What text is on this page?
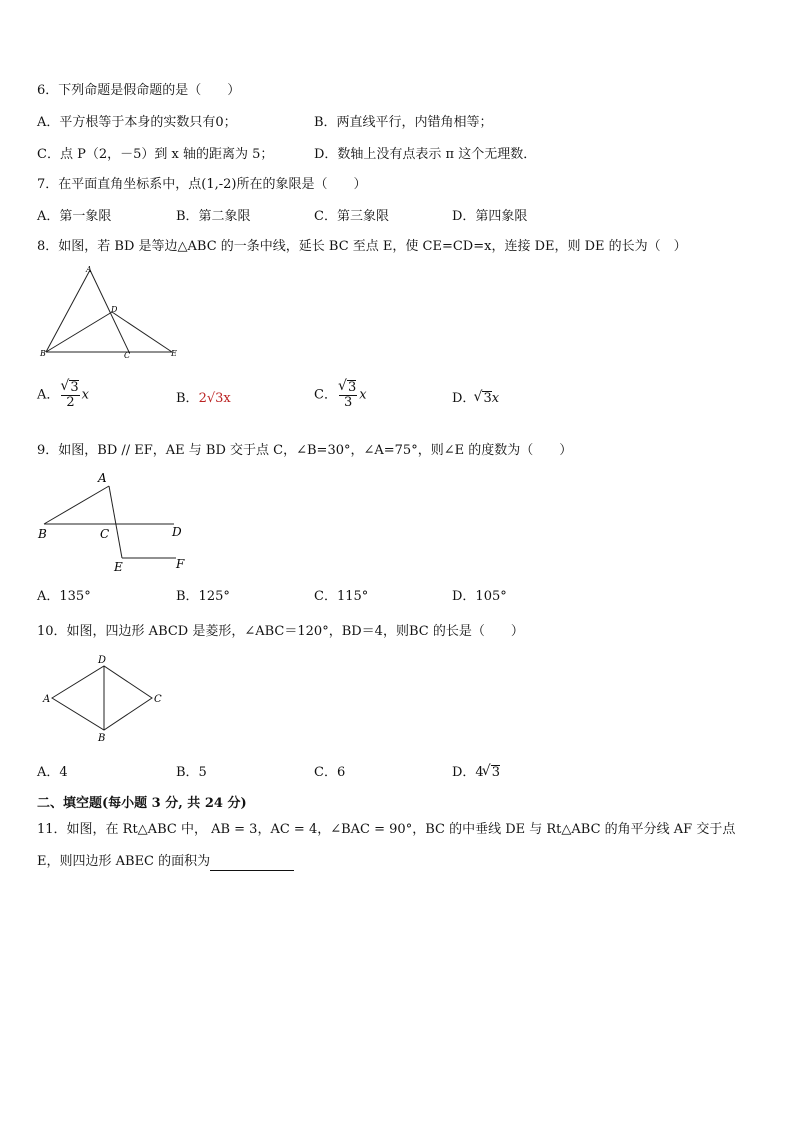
6．下列命题是假命题的是（　　）
A．平方根等于本身的实数只有0；	B．两直线平行，内错角相等；
C．点 P（2，－5）到 x 轴的距离为 5；	D．数轴上没有点表示 π 这个无理数．
7．在平面直角坐标系中，点(1,-2)所在的象限是（　　）
A．第一象限	B．第二象限	C．第三象限	D．第四象限
8．如图，若 BD 是等边△ABC 的一条中线，延长 BC 至点 E，使 CE=CD=x，连接 DE，则 DE 的长为（　）
A
B	C
D
E
A． √ $\frac{3}{2}$ x	B．2√3x	C． √ $\frac{3}{3}$ x	D． √ 3x
9．如图，BD // EF，AE 与 BD 交于点 C，∠B=30°，∠A=75°，则∠E 的度数为（　　）
A
B	C	D
E	F
A．135°	B．125°	C．115°	D．105°
10．如图，四边形 ABCD 是菱形，∠ABC＝120°，BD＝4，则BC 的长是（　　）
D
A	C
B
A．4	B．5	C．6	D．4 √ 3
二、填空题(每小题 3 分, 共 24 分)
11．如图，在 Rt△ABC 中， AB = 3，AC = 4，∠BAC = 90°，BC 的中垂线 DE 与 Rt△ABC 的角平分线 AF 交于点
E，则四边形 ABEC 的面积为
